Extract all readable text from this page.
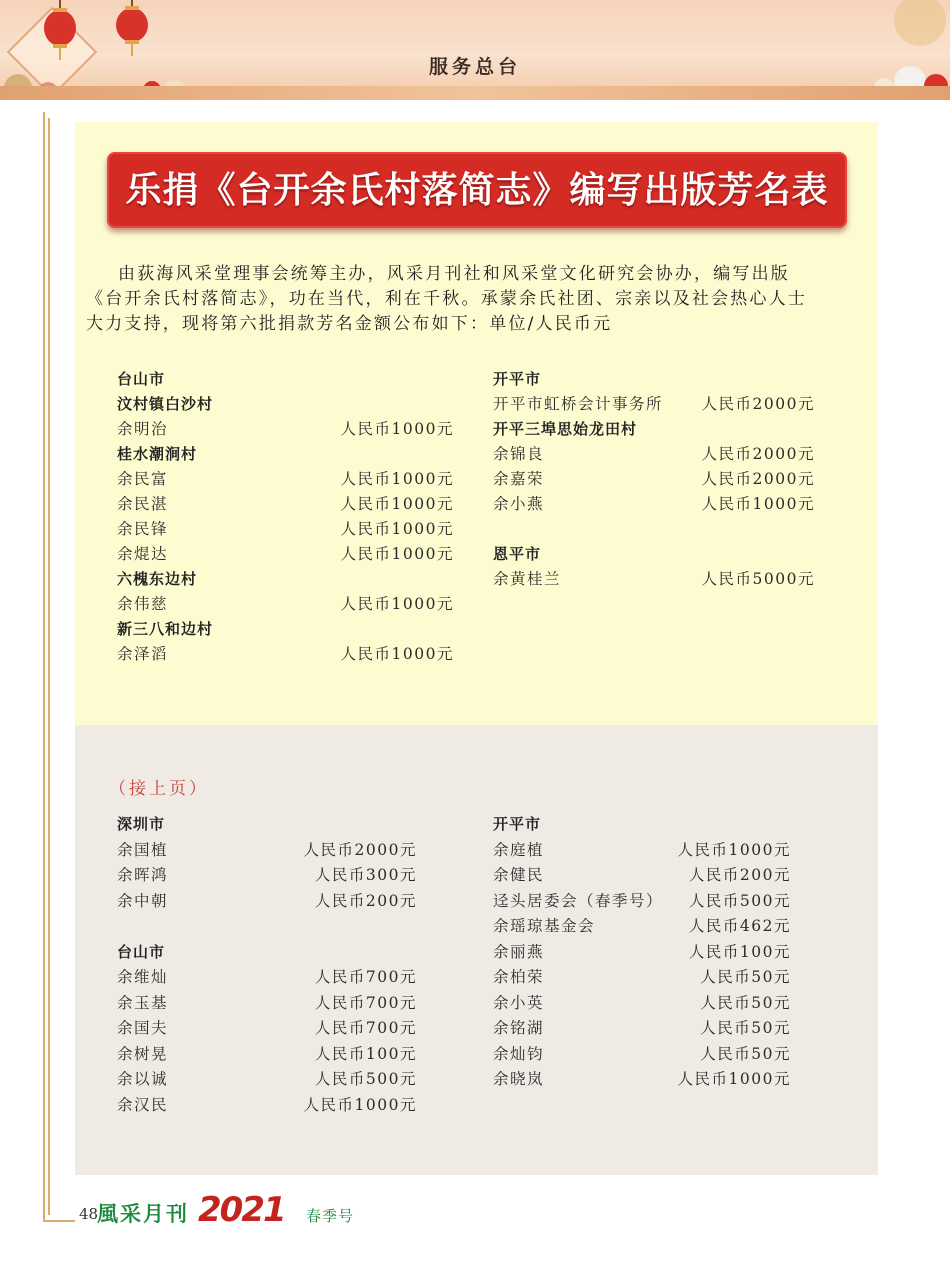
服务总台
乐捐《台开余氏村落简志》编写出版芳名表

由荻海风采堂理事会统筹主办，风采月刊社和风采堂文化研究会协办，编写出版

《台开余氏村落简志》，功在当代，利在千秋。承蒙余氏社团、宗亲以及社会热心人士

大力支持，现将第六批捐款芳名金额公布如下：单位/人民币元

台山市
汶村镇白沙村
余明治	人民币1000元
桂水潮涧村
余民富	人民币1000元
余民湛	人民币1000元
余民锋	人民币1000元
余焜达	人民币1000元
六槐东边村
余伟慈	人民币1000元
新三八和边村
余泽滔	人民币1000元
开平市
开平市虹桥会计事务所 人民币2000元
开平三埠思始龙田村
余锦良	人民币2000元
余嘉荣	人民币2000元
余小燕	人民币1000元
恩平市
余黄桂兰	人民币5000元
（接上页）
深圳市
余国植	人民币2000元
余晖鸿	人民币300元
余中朝	人民币200元
台山市
余维灿	人民币700元
余玉基	人民币700元
余国夫	人民币700元
余树晃	人民币100元
余以诚	人民币500元
余汉民	人民币1000元
开平市
余庭植	人民币1000元
余健民	人民币200元
迳头居委会（春季号） 人民币500元
余瑶琼基金会	人民币462元
余丽燕	人民币100元
余柏荣	人民币50元
余小英	人民币50元
余铭湖	人民币50元
余灿钧	人民币50元
余晓岚	人民币1000元
48
風采月刊 2021 春季号
